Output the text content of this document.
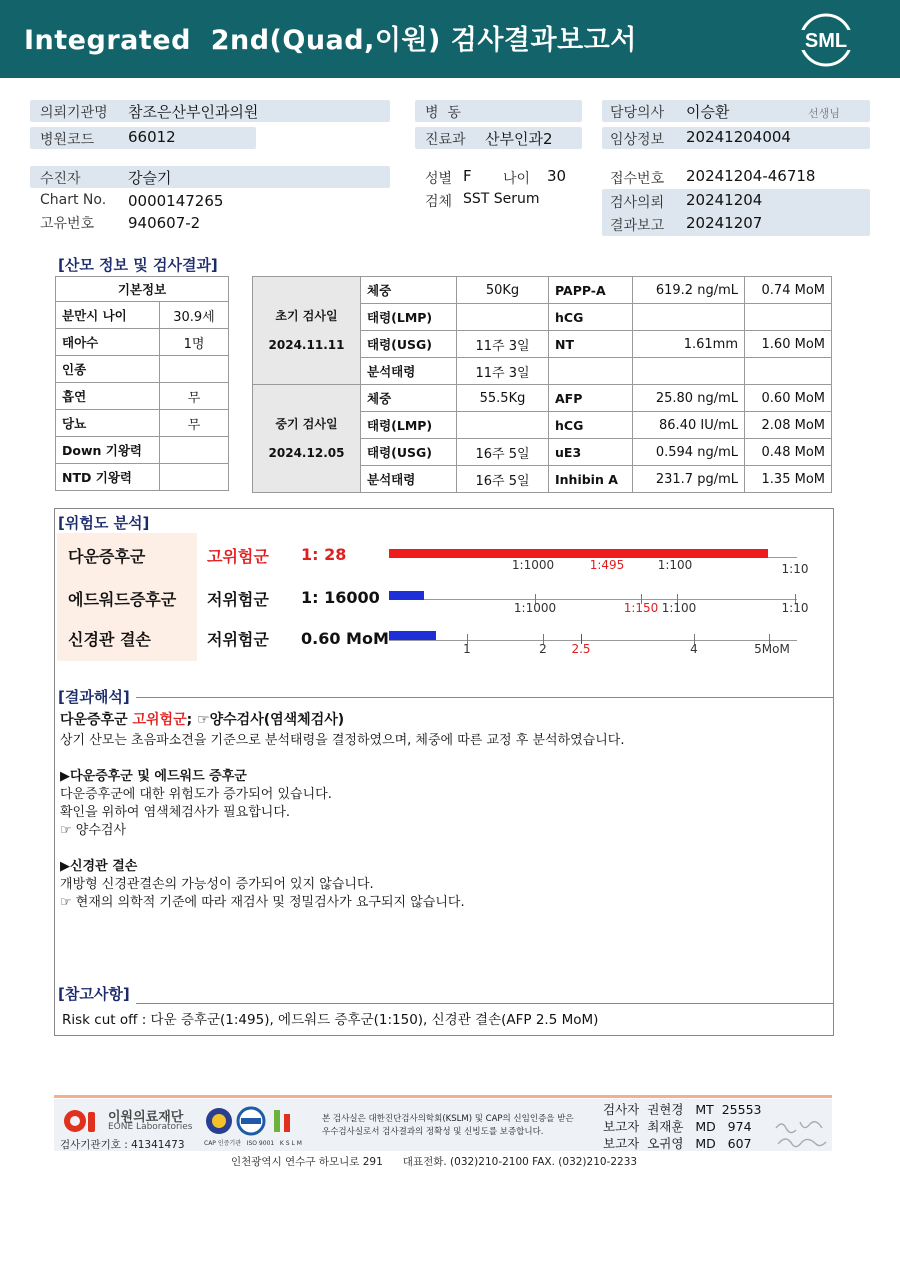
Integrated  2nd(Quad,이원) 검사결과보고서	SML
의뢰기관명 참조은산부인과의원
병원코드 66012
병  동
진료과 산부인과2
담당의사 이승환	선생님
임상정보 20241204004
수진자	강슬기
Chart No. 0000147265
고유번호 940607-2
성별 F 나이 30
검체 SST Serum
접수번호 20241204-46718
검사의뢰 20241204
결과보고 20241207
[산모 정보 및 검사결과]
기본정보	
분만시 나이	30.9세
태아수	1명
인종	
흡연	무
당뇨	무
Down 기왕력	
NTD 기왕력	
초기 검사일
2024.11.11	체중	50Kg	PAPP-A	619.2 ng/mL	0.74 MoM
	태령(LMP)		hCG		
	태령(USG)	11주 3일	NT	1.61mm	1.60 MoM
	분석태령	11주 3일			
중기 검사일
2024.12.05	체중	55.5Kg	AFP	25.80 ng/mL	0.60 MoM
	태령(LMP)		hCG	86.40 IU/mL	2.08 MoM
	태령(USG)	16주 5일	uE3	0.594 ng/mL	0.48 MoM
	분석태령	16주 5일	Inhibin A	231.7 pg/mL	1.35 MoM
[위험도 분석]
다운증후군	고위험군 1: 28
에드워드증후군 저위험군 1: 16000
신경관 결손	저위험군 0.60 MoM
1:1000	1:495	1:100	1:10
1:1000	1:150 1:100	1:10
1	2 2.5	4	5MoM
[결과해석]
다운증후군 고위험군; ☞양수검사(염색체검사)
상기 산모는 초음파소견을 기준으로 분석태령을 결정하였으며, 체중에 따른 교정 후 분석하였습니다.
▶다운증후군 및 에드워드 증후군
다운증후군에 대한 위험도가 증가되어 있습니다.
확인을 위하여 염색체검사가 필요합니다.
☞ 양수검사
▶신경관 결손
개방형 신경관결손의 가능성이 증가되어 있지 않습니다.
☞ 현재의 의학적 기준에 따라 재검사 및 정밀검사가 요구되지 않습니다.
[참고사항]
Risk cut off : 다운 증후군(1:495), 에드워드 증후군(1:150), 신경관 결손(AFP 2.5 MoM)
이원의료재단
EONE Laboratories
검사기관기호 : 41341473	CAP 인증기관   ISO 9001   K S L M
본 검사실은 대한진단검사의학회(KSLM) 및 CAP의 신임인증을 받은
우수검사실로서 검사결과의 정확성 및 신빙도를 보증합니다.
검사자 권현경 MT  25553
보고자 최재훈 MD   974
보고자 오귀영 MD   607
인천광역시 연수구 하모니로 291      대표전화. (032)210-2100 FAX. (032)210-2233
